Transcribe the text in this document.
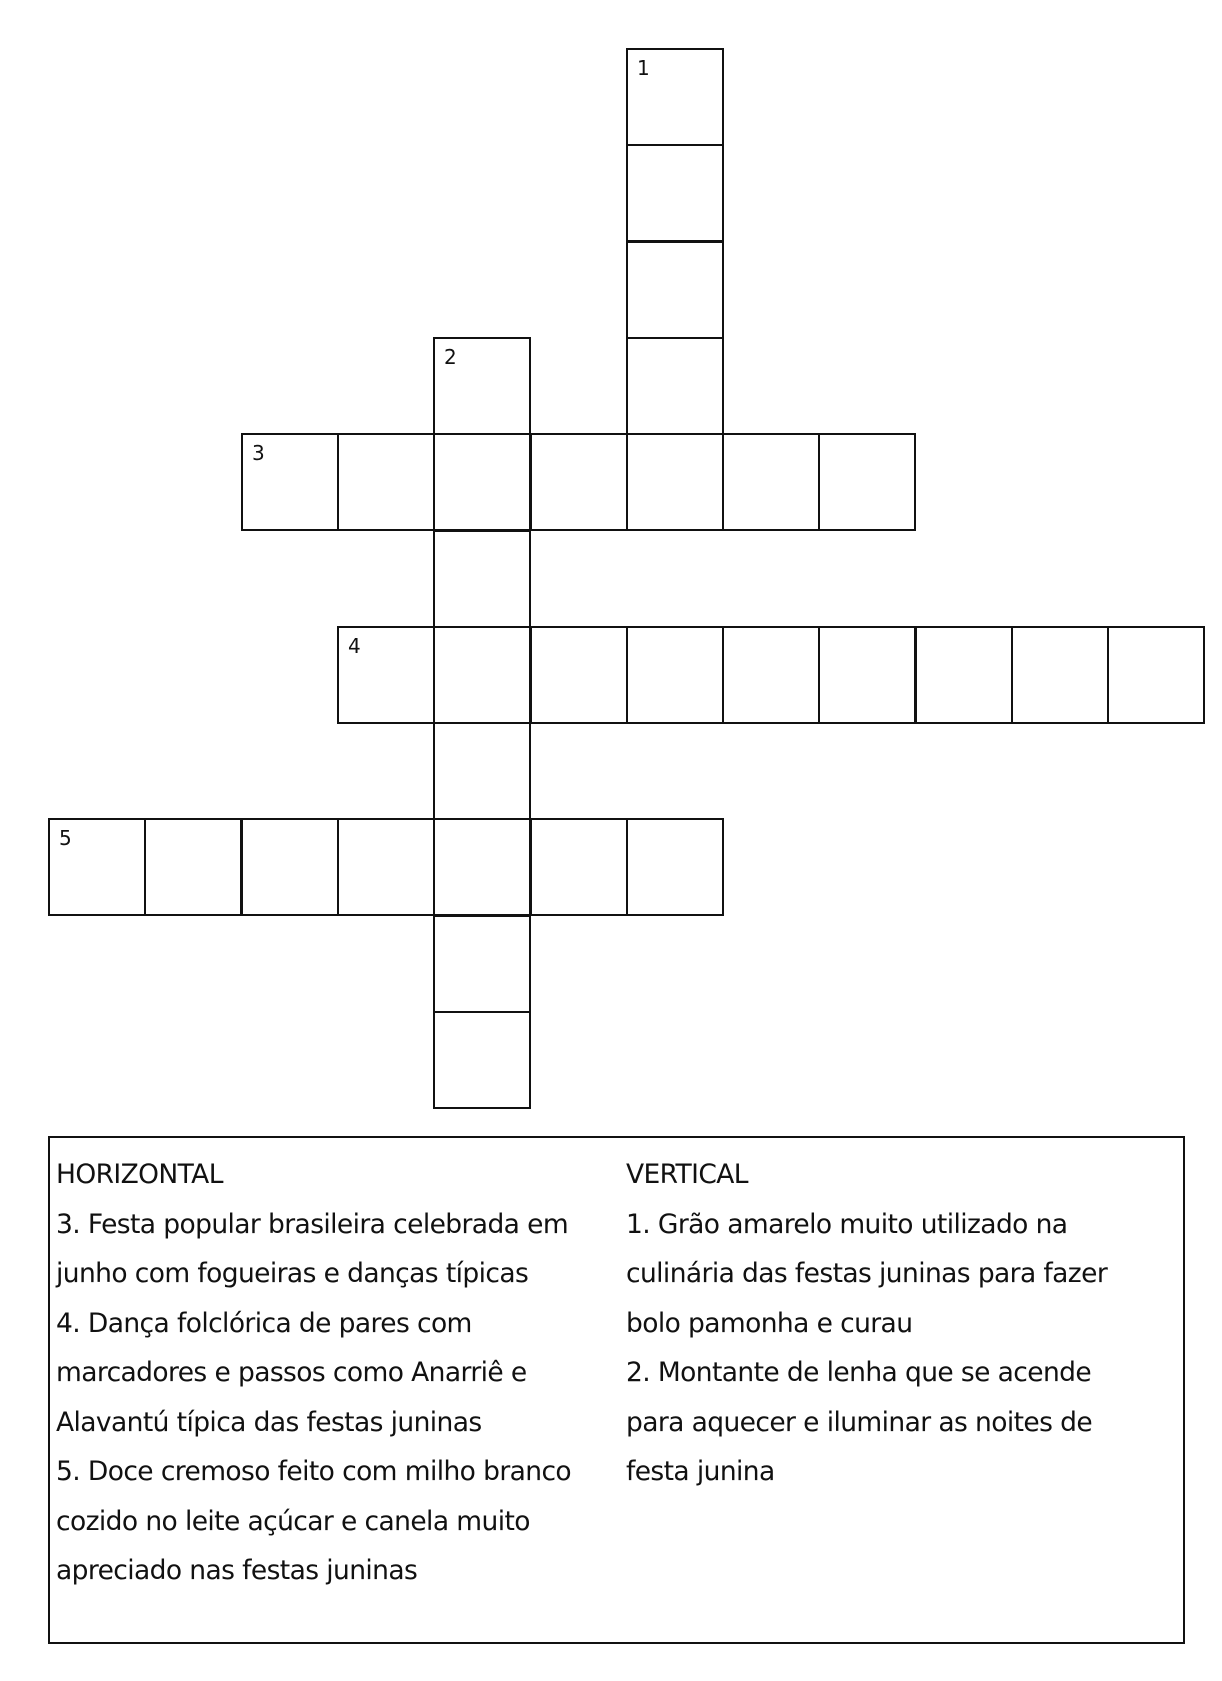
1
2
3
4
5
HORIZONTAL
3. Festa popular brasileira celebrada em
junho com fogueiras e danças típicas
4. Dança folclórica de pares com
marcadores e passos como Anarriê e
Alavantú típica das festas juninas
5. Doce cremoso feito com milho branco
cozido no leite açúcar e canela muito
apreciado nas festas juninas
VERTICAL
1. Grão amarelo muito utilizado na
culinária das festas juninas para fazer
bolo pamonha e curau
2. Montante de lenha que se acende
para aquecer e iluminar as noites de
festa junina
